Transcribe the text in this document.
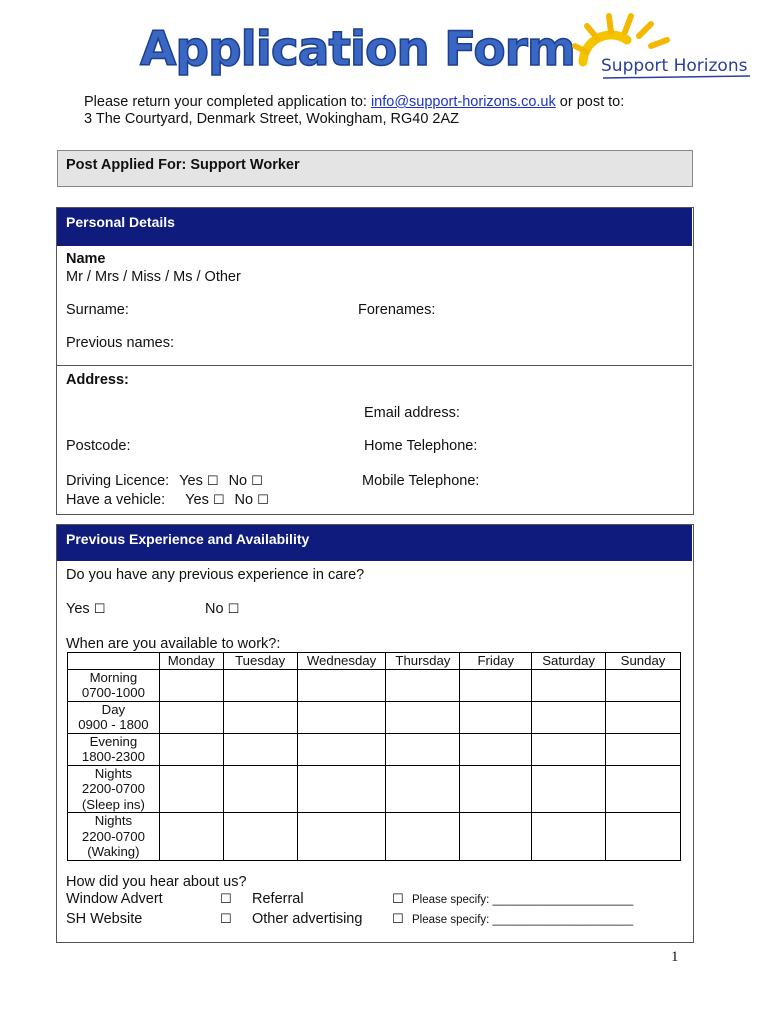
Application Form Support Horizons
Please return your completed application to: info@support-horizons.co.uk or post to:
3 The Courtyard, Denmark Street, Wokingham, RG40 2AZ
Post Applied For: Support Worker
Personal Details
Name
Mr / Mrs / Miss / Ms / Other
Surname:	Forenames:
Previous names:
Address:
Email address:
Postcode:	Home Telephone:
Driving Licence: Yes ☐ No ☐	Mobile Telephone:
Have a vehicle: Yes ☐ No ☐
Previous Experience and Availability
Do you have any previous experience in care?
Yes ☐	No ☐
When are you available to work?:
	Monday	Tuesday	Wednesday	Thursday	Friday	Saturday	Sunday

Morning
0700-1000							

Day
0900 - 1800							

Evening
1800-2300							

Nights
2200-0700
(Sleep ins)							

Nights
2200-0700
(Waking)							

How did you hear about us?
Window Advert	☐ Referral	☐ Please specify: ______________________
SH Website	☐ Other advertising ☐ Please specify: ______________________
1
